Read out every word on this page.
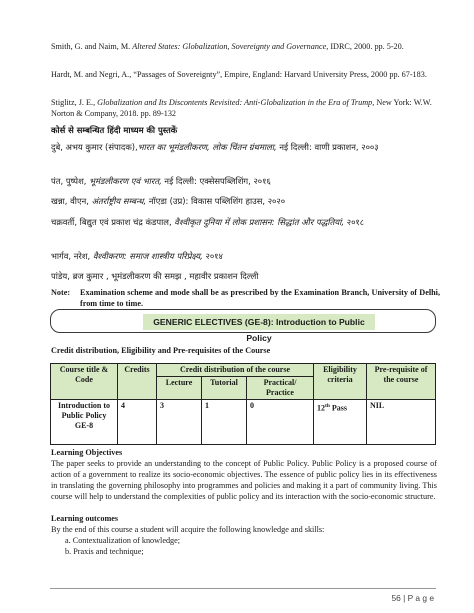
Smith, G. and Naim, M. Altered States: Globalization, Sovereignty and Governance, IDRC, 2000. pp. 5-20.
Hardt, M. and Negri, A., “Passages of Sovereignty”, Empire, England: Harvard University Press, 2000 pp. 67-183.
Stiglitz, J. E., Globalization and Its Discontents Revisited: Anti-Globalization in the Era of Trump, New York: W.W. Norton & Company, 2018. pp. 89-132
कोर्स से सम्बन्धित हिंदी माध्यम की पुस्तकें
दुबे, अभय कुमार (संपादक),भारत का भूमंडलीकरण, लोक चिंतन ग्रंथमाला, नई दिल्ली: वाणी प्रकाशन, २००३
पंत, पुष्पेश, भूमंडलीकरण एवं भारत, नई दिल्ली: एक्सेसपब्लिशिंग, २०१६
खन्ना, वीएन, अंतर्राष्ट्रीय सम्बन्ध, नॉएडा (उप्र): विकास पब्लिशिंग हाउस, २०२०
चक्रवर्ती, बिद्युत एवं प्रकाश चंद्र कंडपाल, वैश्वीकृत दुनिया में लोक प्रशासन: सिद्धांत और पद्धतियां, २०१८
भार्गव, नरेश, वैश्वीकरण: समाज शास्त्रीय परिप्रेक्ष्य, २०१४
पांडेय, ब्रज कुमार , भूमंडलीकरण की समझ , महावीर प्रकाशन दिल्ली
Note: Examination scheme and mode shall be as prescribed by the Examination Branch, University of Delhi, from time to time.
GENERIC ELECTIVES (GE-8): Introduction to Public Policy
Credit distribution, Eligibility and Pre-requisites of the Course
Course title & Code	Credits	Credit distribution of the course			Eligibility criteria	Pre-requisite of the course
		Lecture	Tutorial	Practical/ Practice		
Introduction to Public Policy GE-8	4	3	1	0	12th Pass	NIL
Learning Objectives
The paper seeks to provide an understanding to the concept of Public Policy. Public Policy is a proposed course of action of a government to realize its socio-economic objectives. The essence of public policy lies in its effectiveness in translating the governing philosophy into programmes and policies and making it a part of community living. This course will help to understand the complexities of public policy and its interaction with the socio-economic structure.
Learning outcomes
By the end of this course a student will acquire the following knowledge and skills:
a. Contextualization of knowledge;
b. Praxis and technique;
56 | P a g e
